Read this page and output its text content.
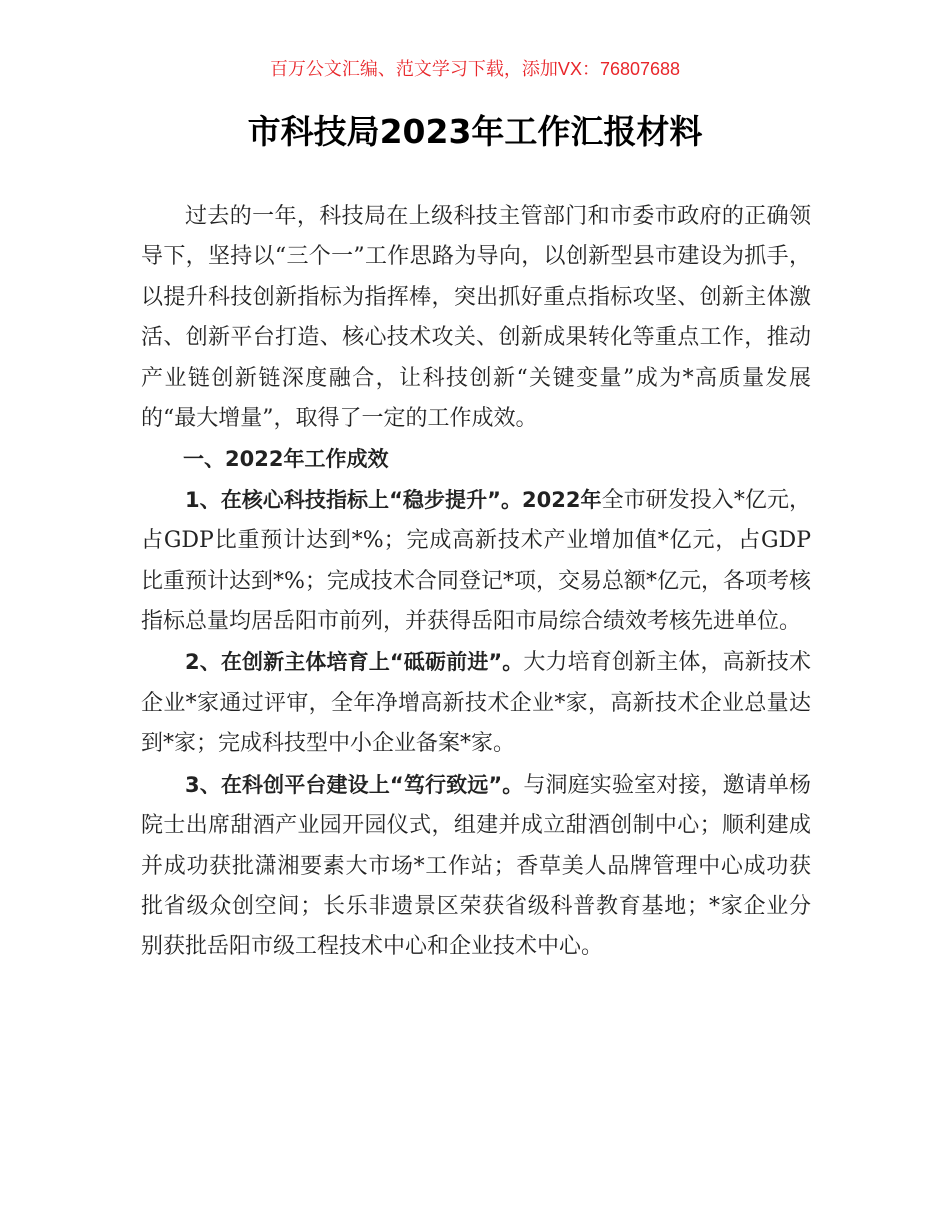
百万公文汇编、范文学习下载，添加VX：76807688
市科技局2023年工作汇报材料

过去的一年，科技局在上级科技主管部门和市委市政府的正确领导下，坚持以“三个一”工作思路为导向，以创新型县市建设为抓手，以提升科技创新指标为指挥棒，突出抓好重点指标攻坚、创新主体激活、创新平台打造、核心技术攻关、创新成果转化等重点工作，推动产业链创新链深度融合，让科技创新“关键变量”成为*高质量发展的“最大增量”，取得了一定的工作成效。

一、2022年工作成效

1、在核心科技指标上“稳步提升”。2022年全市研发投入*亿元，占GDP比重预计达到*%；完成高新技术产业增加值*亿元，占GDP比重预计达到*%；完成技术合同登记*项，交易总额*亿元，各项考核指标总量均居岳阳市前列，并获得岳阳市局综合绩效考核先进单位。

2、在创新主体培育上“砥砺前进”。大力培育创新主体，高新技术企业*家通过评审，全年净增高新技术企业*家，高新技术企业总量达到*家；完成科技型中小企业备案*家。

3、在科创平台建设上“笃行致远”。与洞庭实验室对接，邀请单杨院士出席甜酒产业园开园仪式，组建并成立甜酒创制中心；顺利建成并成功获批潇湘要素大市场*工作站；香草美人品牌管理中心成功获批省级众创空间；长乐非遗景区荣获省级科普教育基地；*家企业分别获批岳阳市级工程技术中心和企业技术中心。
